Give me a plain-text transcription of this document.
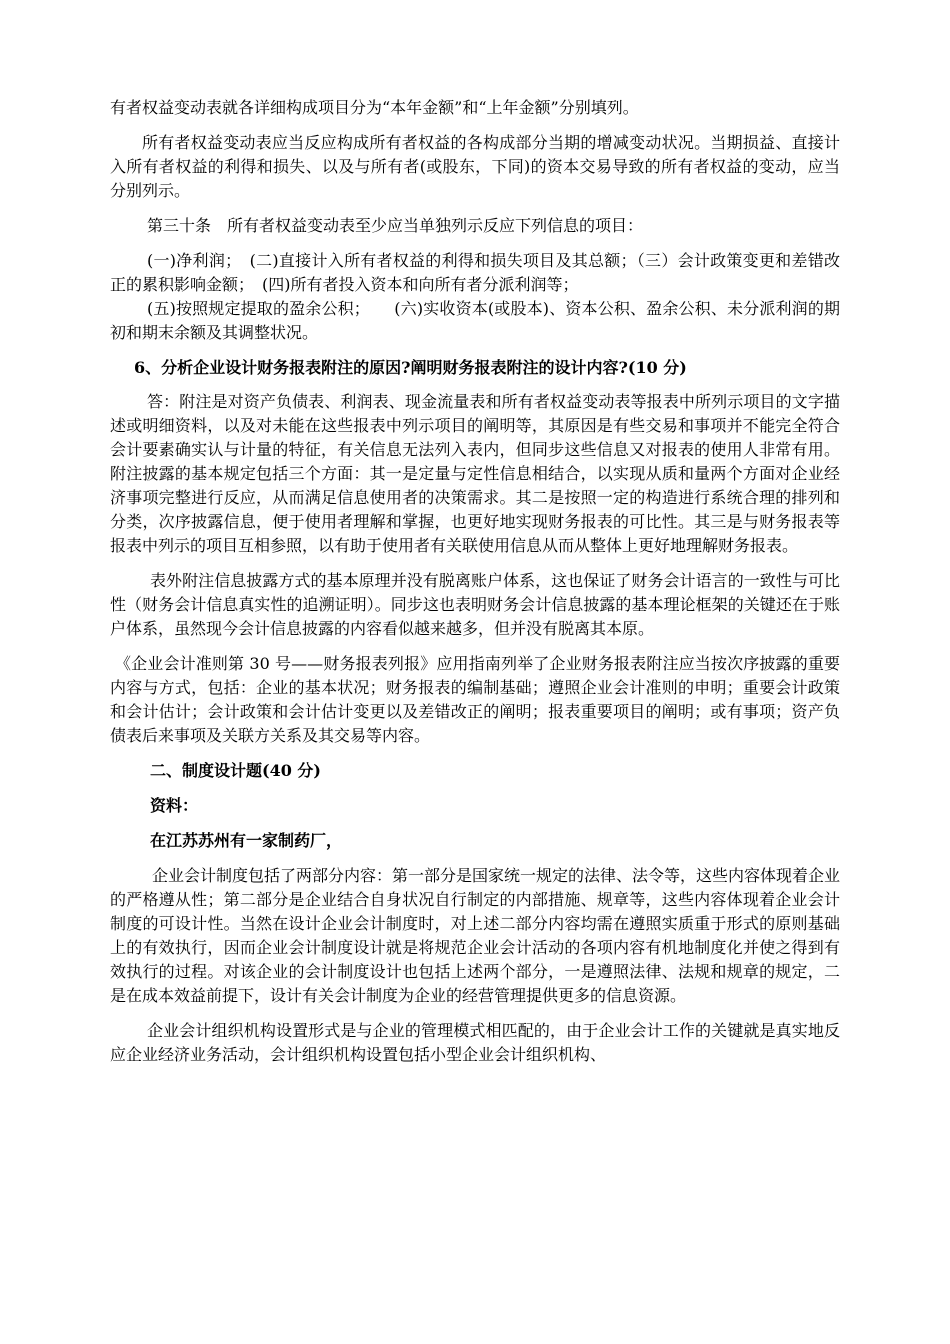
有者权益变动表就各详细构成项目分为“本年金额”和“上年金额”分别填列。

所有者权益变动表应当反应构成所有者权益的各构成部分当期的增减变动状况。当期损益、直接计入所有者权益的利得和损失、以及与所有者(或股东，下同)的资本交易导致的所有者权益的变动，应当分别列示。

第三十条　所有者权益变动表至少应当单独列示反应下列信息的项目：

(一)净利润；　(二)直接计入所有者权益的利得和损失项目及其总额；（三）会计政策变更和差错改正的累积影响金额；　(四)所有者投入资本和向所有者分派利润等；

(五)按照规定提取的盈余公积；　　(六)实收资本(或股本)、资本公积、盈余公积、未分派利润的期初和期末余额及其调整状况。

6、分析企业设计财务报表附注的原因?阐明财务报表附注的设计内容?(10 分)

答：附注是对资产负债表、利润表、现金流量表和所有者权益变动表等报表中所列示项目的文字描述或明细资料，以及对未能在这些报表中列示项目的阐明等，其原因是有些交易和事项并不能完全符合会计要素确实认与计量的特征，有关信息无法列入表内，但同步这些信息又对报表的使用人非常有用。附注披露的基本规定包括三个方面：其一是定量与定性信息相结合，以实现从质和量两个方面对企业经济事项完整进行反应，从而满足信息使用者的决策需求。其二是按照一定的构造进行系统合理的排列和分类，次序披露信息，便于使用者理解和掌握，也更好地实现财务报表的可比性。其三是与财务报表等报表中列示的项目互相参照，以有助于使用者有关联使用信息从而从整体上更好地理解财务报表。

表外附注信息披露方式的基本原理并没有脱离账户体系，这也保证了财务会计语言的一致性与可比性（财务会计信息真实性的追溯证明）。同步这也表明财务会计信息披露的基本理论框架的关键还在于账户体系，虽然现今会计信息披露的内容看似越来越多，但并没有脱离其本原。

《企业会计准则第 30 号——财务报表列报》应用指南列举了企业财务报表附注应当按次序披露的重要内容与方式，包括：企业的基本状况；财务报表的编制基础；遵照企业会计准则的申明；重要会计政策和会计估计；会计政策和会计估计变更以及差错改正的阐明；报表重要项目的阐明；或有事项；资产负债表后来事项及关联方关系及其交易等内容。

二、制度设计题(40 分)

资料：

在江苏苏州有一家制药厂，

企业会计制度包括了两部分内容：第一部分是国家统一规定的法律、法令等，这些内容体现着企业的严格遵从性；第二部分是企业结合自身状况自行制定的内部措施、规章等，这些内容体现着企业会计制度的可设计性。当然在设计企业会计制度时，对上述二部分内容均需在遵照实质重于形式的原则基础上的有效执行，因而企业会计制度设计就是将规范企业会计活动的各项内容有机地制度化并使之得到有效执行的过程。对该企业的会计制度设计也包括上述两个部分，一是遵照法律、法规和规章的规定，二是在成本效益前提下，设计有关会计制度为企业的经营管理提供更多的信息资源。

企业会计组织机构设置形式是与企业的管理模式相匹配的，由于企业会计工作的关键就是真实地反应企业经济业务活动，会计组织机构设置包括小型企业会计组织机构、
